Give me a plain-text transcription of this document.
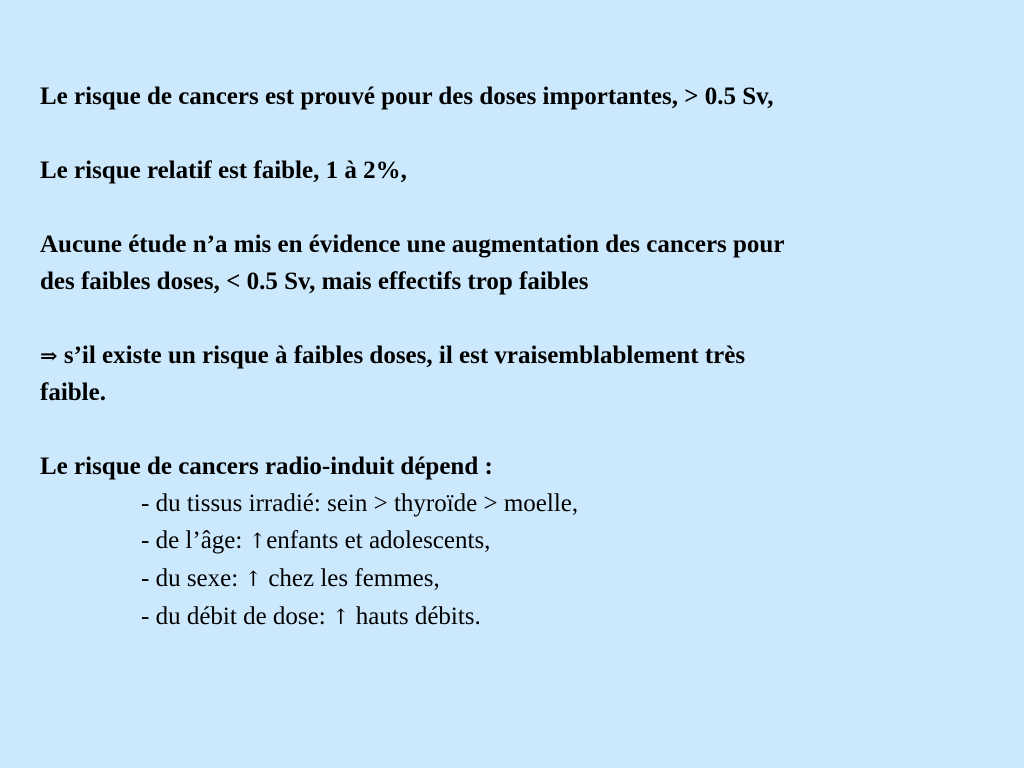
Le risque de cancers est prouvé pour des doses importantes, > 0.5 Sv,

Le risque relatif est faible, 1 à 2%,

Aucune étude n’a mis en évidence une augmentation des cancers pour

des faibles doses, < 0.5 Sv, mais effectifs trop faibles

⇒ s’il existe un risque à faibles doses, il est vraisemblablement très

faible.

Le risque de cancers radio-induit dépend :

- du tissus irradié: sein > thyroïde > moelle,

- de l’âge: ↑enfants et adolescents,

- du sexe: ↑ chez les femmes,

- du débit de dose: ↑ hauts débits.
